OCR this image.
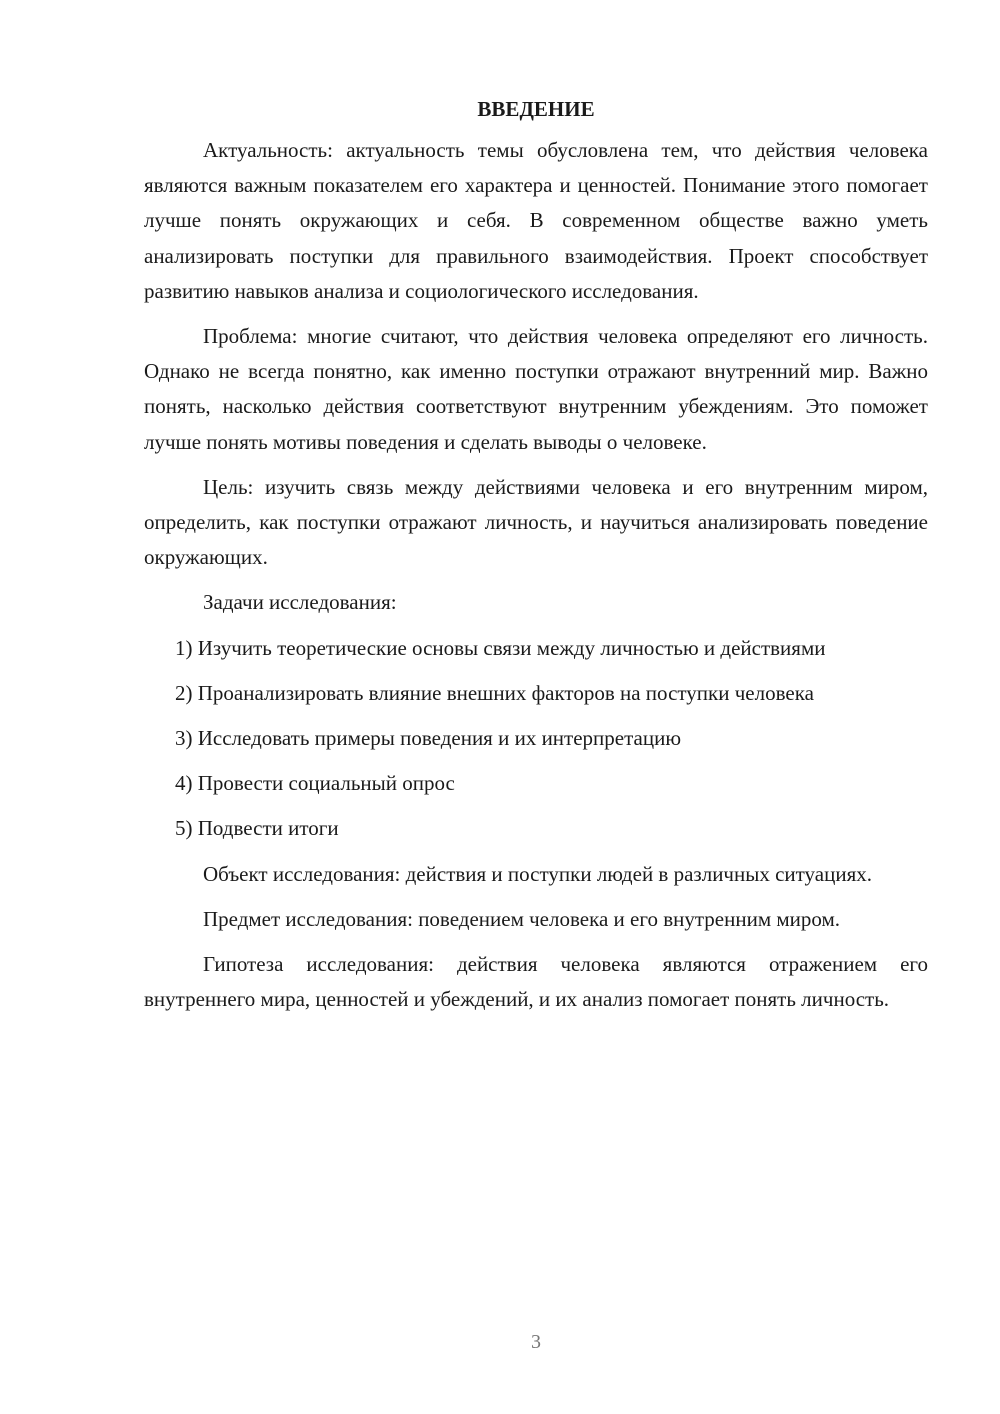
ВВЕДЕНИЕ

Актуальность: актуальность темы обусловлена тем, что действия человека являются важным показателем его характера и ценностей. Понимание этого помогает лучше понять окружающих и себя. В современном обществе важно уметь анализировать поступки для правильного взаимодействия. Проект способствует развитию навыков анализа и социологического исследования.

Проблема: многие считают, что действия человека определяют его личность. Однако не всегда понятно, как именно поступки отражают внутренний мир. Важно понять, насколько действия соответствуют внутренним убеждениям. Это поможет лучше понять мотивы поведения и сделать выводы о человеке.

Цель: изучить связь между действиями человека и его внутренним миром, определить, как поступки отражают личность, и научиться анализировать поведение окружающих.

Задачи исследования:

1) Изучить теоретические основы связи между личностью и действиями

2) Проанализировать влияние внешних факторов на поступки человека

3) Исследовать примеры поведения и их интерпретацию

4) Провести социальный опрос

5) Подвести итоги

Объект исследования: действия и поступки людей в различных ситуациях.

Предмет исследования: поведением человека и его внутренним миром.

Гипотеза исследования: действия человека являются отражением его внутреннего мира, ценностей и убеждений, и их анализ помогает понять личность.

3
